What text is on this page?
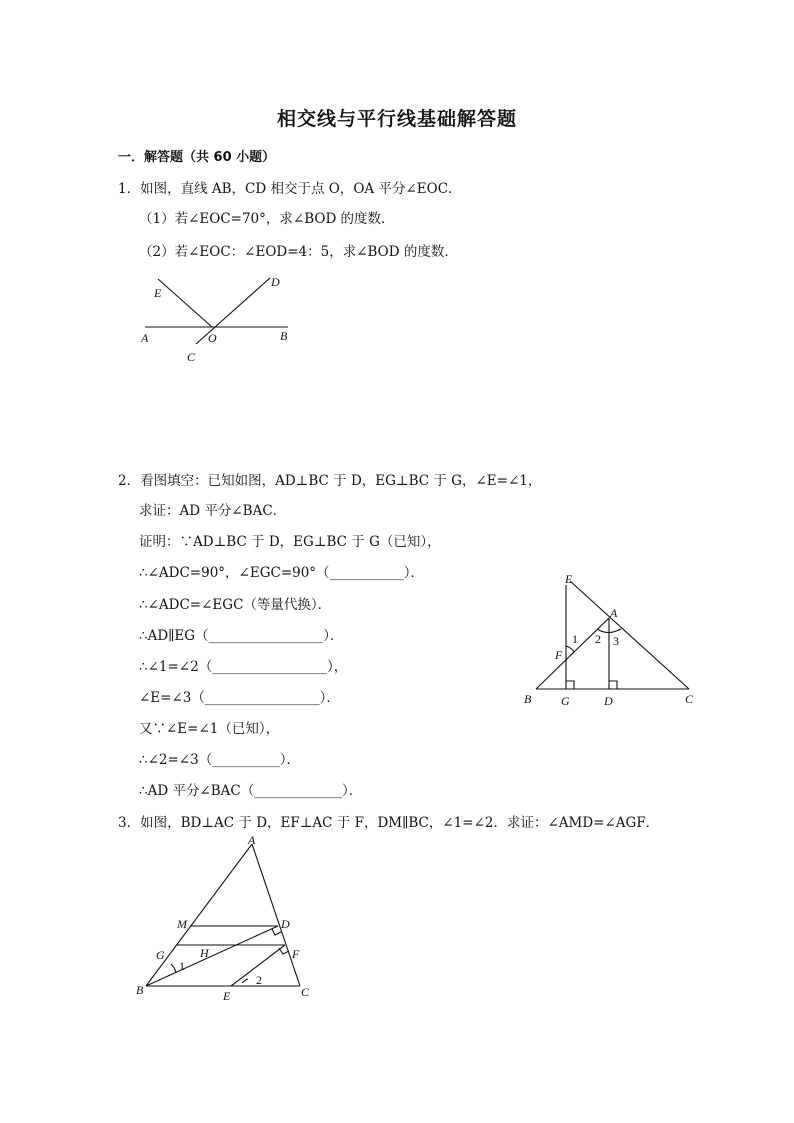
相交线与平行线基础解答题
一．解答题（共 60 小题）
1．如图，直线 AB，CD 相交于点 O，OA 平分∠EOC．
（1）若∠EOC=70°，求∠BOD 的度数．
（2）若∠EOC：∠EOD=4：5，求∠BOD 的度数．
E
D
A	O	B
C
2．看图填空：已知如图，AD⊥BC 于 D，EG⊥BC 于 G，∠E=∠1，
求证：AD 平分∠BAC．
证明：∵AD⊥BC 于 D，EG⊥BC 于 G（已知），
∴∠ADC=90°，∠EGC=90°（___________）．
∴∠ADC=∠EGC（等量代换）．
∴AD∥EG（_________________）．
∴∠1=∠2（_________________），
∠E=∠3（_________________）．
又∵∠E=∠1（已知），
∴∠2=∠3（__________）．
∴AD 平分∠BAC（_____________）．
E
A
F
B G	D	C
1 2 3
3．如图，BD⊥AC 于 D，EF⊥AC 于 F，DM∥BC，∠1=∠2．求证：∠AMD=∠AGF．
A
M	D
G	H	F
B	E	C
1
2
